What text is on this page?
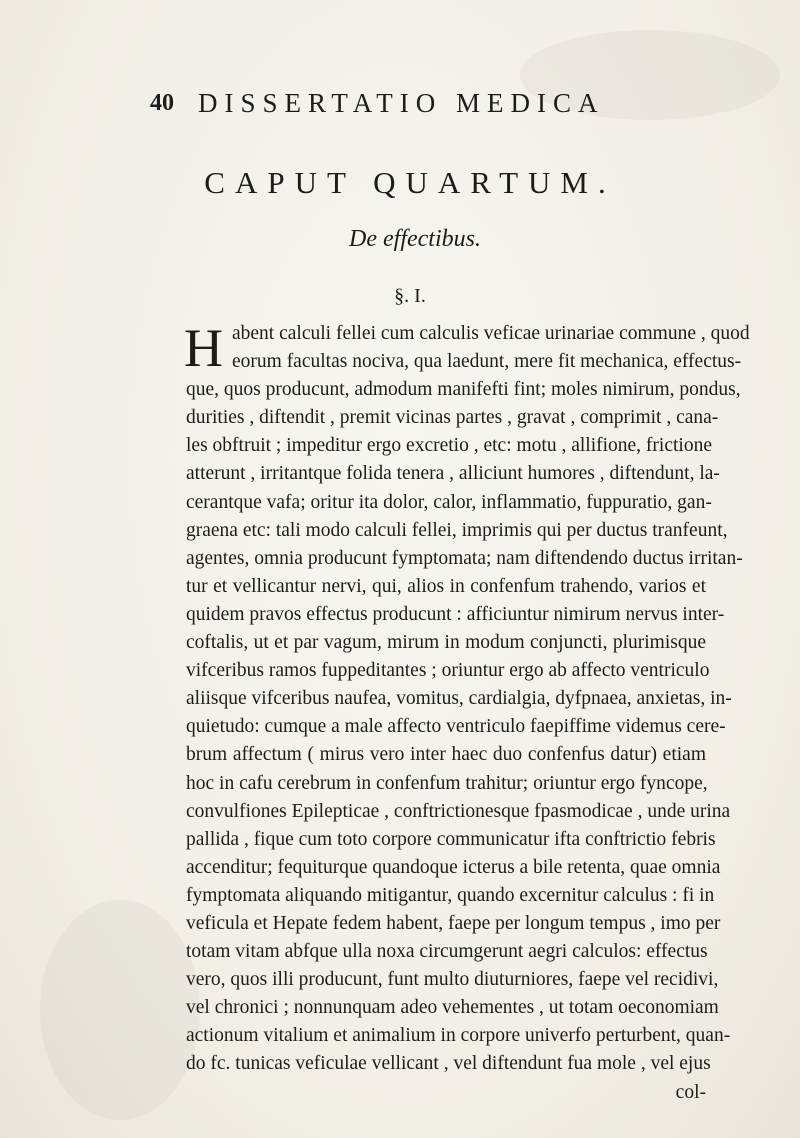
40 DISSERTATIO MEDICA
CAPUT QUARTUM.
De effectibus.
§. I.
H abent calculi fellei cum calculis veficae urinariae commune , quod
eorum facultas nociva, qua laedunt, mere fit mechanica, effectus-
que, quos producunt, admodum manifefti fint; moles nimirum, pondus,
durities , diftendit , premit vicinas partes , gravat , comprimit , cana-
les obftruit ; impeditur ergo excretio , etc: motu , allifione, frictione
atterunt , irritantque folida tenera , alliciunt humores , diftendunt, la-
cerantque vafa; oritur ita dolor, calor, inflammatio, fuppuratio, gan-
graena etc: tali modo calculi fellei, imprimis qui per ductus tranfeunt,
agentes, omnia producunt fymptomata; nam diftendendo ductus irritan-
tur et vellicantur nervi, qui, alios in confenfum trahendo, varios et
quidem pravos effectus producunt : afficiuntur nimirum nervus inter-
coftalis, ut et par vagum, mirum in modum conjuncti, plurimisque
vifceribus ramos fuppeditantes ; oriuntur ergo ab affecto ventriculo
aliisque vifceribus naufea, vomitus, cardialgia, dyfpnaea, anxietas, in-
quietudo: cumque a male affecto ventriculo faepiffime videmus cere-
brum affectum ( mirus vero inter haec duo confenfus datur) etiam
hoc in cafu cerebrum in confenfum trahitur; oriuntur ergo fyncope,
convulfiones Epilepticae , conftrictionesque fpasmodicae , unde urina
pallida , fique cum toto corpore communicatur ifta conftrictio febris
accenditur; fequiturque quandoque icterus a bile retenta, quae omnia
fymptomata aliquando mitigantur, quando excernitur calculus : fi in
veficula et Hepate fedem habent, faepe per longum tempus , imo per
totam vitam abfque ulla noxa circumgerunt aegri calculos: effectus
vero, quos illi producunt, funt multo diuturniores, faepe vel recidivi,
vel chronici ; nonnunquam adeo vehementes , ut totam oeconomiam
actionum vitalium et animalium in corpore univerfo perturbent, quan-
do fc. tunicas veficulae vellicant , vel diftendunt fua mole , vel ejus
col-
